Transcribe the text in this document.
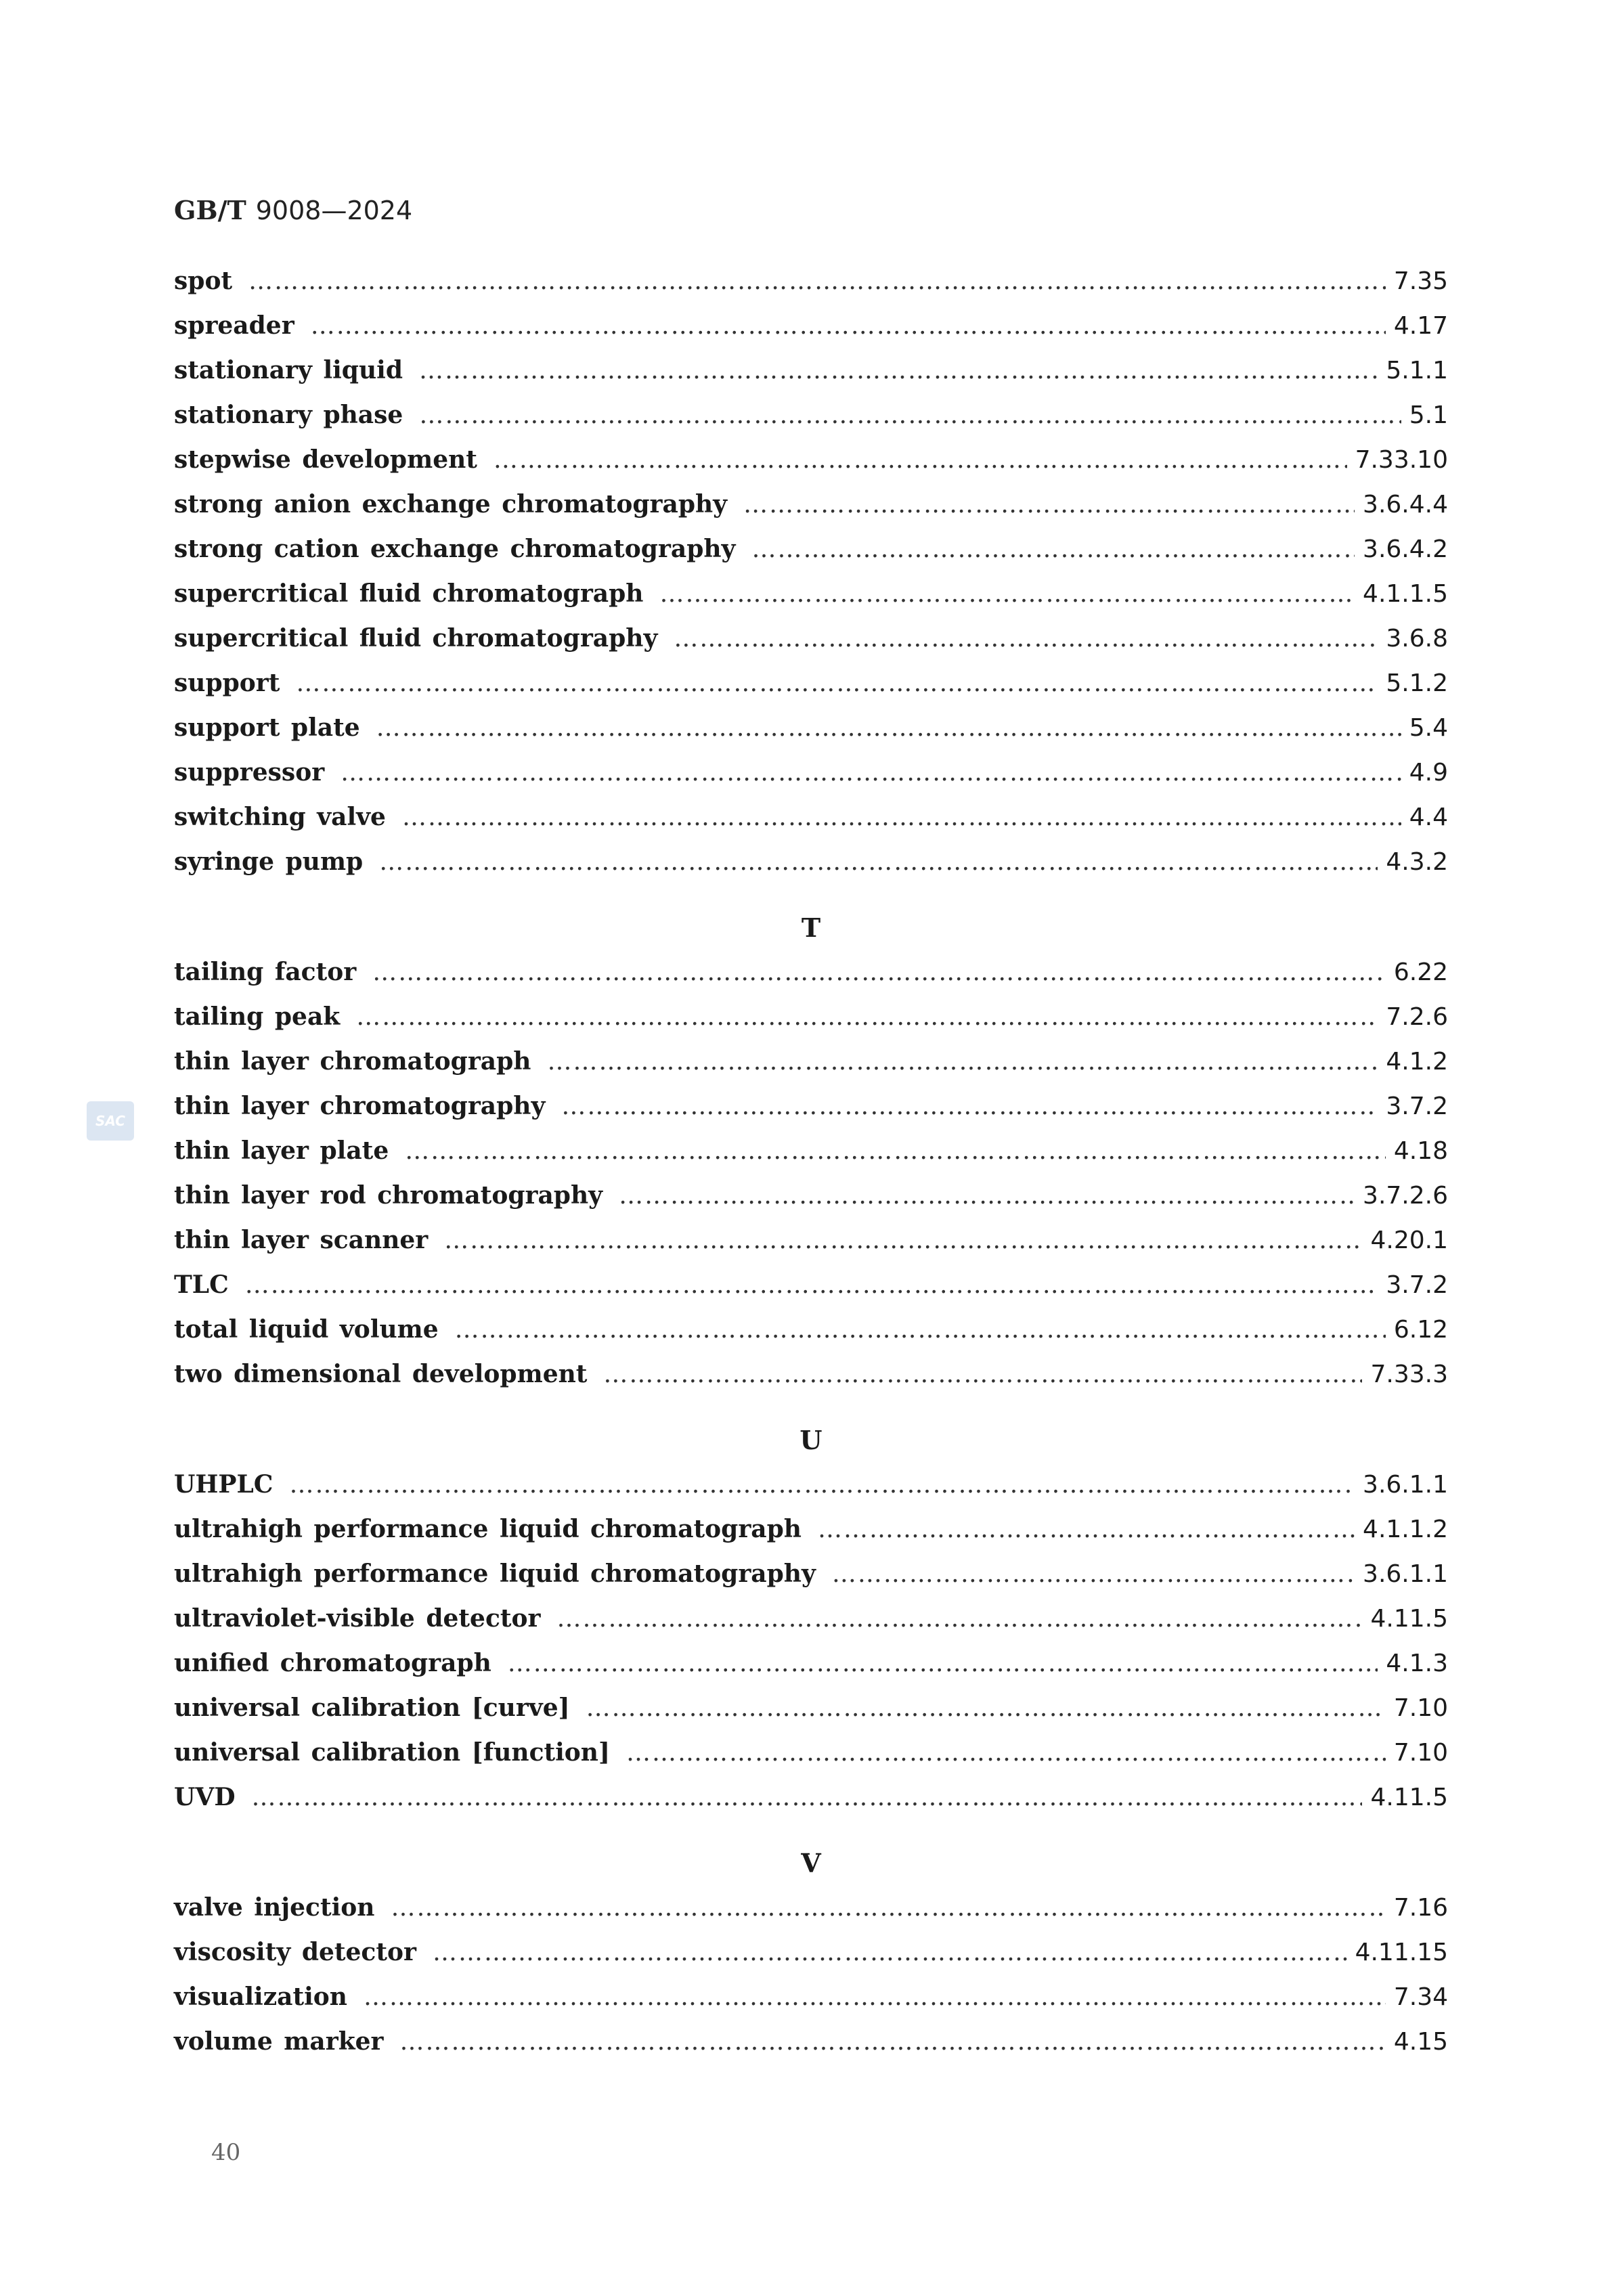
GB/T 9008—2024
SAC
spot ………………………………………………………………………………………………………………………………………………………………………………………………………………………………………………………………	7.35
spreader ………………………………………………………………………………………………………………………………………………………………………………………………………………………………………………………………	4.17
stationary liquid ………………………………………………………………………………………………………………………………………………………………………………………………………………………………………………………………	5.1.1
stationary phase ………………………………………………………………………………………………………………………………………………………………………………………………………………………………………………………………	5.1
stepwise development ………………………………………………………………………………………………………………………………………………………………………………………………………………………………………………………………	7.33.10
strong anion exchange chromatography ………………………………………………………………………………………………………………………………………………………………………………………………………………………………………………………………	3.6.4.4
strong cation exchange chromatography ………………………………………………………………………………………………………………………………………………………………………………………………………………………………………………………………	3.6.4.2
supercritical fluid chromatograph ………………………………………………………………………………………………………………………………………………………………………………………………………………………………………………………………	4.1.1.5
supercritical fluid chromatography ………………………………………………………………………………………………………………………………………………………………………………………………………………………………………………………………	3.6.8
support ………………………………………………………………………………………………………………………………………………………………………………………………………………………………………………………………	5.1.2
support plate ………………………………………………………………………………………………………………………………………………………………………………………………………………………………………………………………	5.4
suppressor ………………………………………………………………………………………………………………………………………………………………………………………………………………………………………………………………	4.9
switching valve ………………………………………………………………………………………………………………………………………………………………………………………………………………………………………………………………	4.4
syringe pump ………………………………………………………………………………………………………………………………………………………………………………………………………………………………………………………………	4.3.2
T
tailing factor ………………………………………………………………………………………………………………………………………………………………………………………………………………………………………………………………	6.22
tailing peak ………………………………………………………………………………………………………………………………………………………………………………………………………………………………………………………………	7.2.6
thin layer chromatograph ………………………………………………………………………………………………………………………………………………………………………………………………………………………………………………………………	4.1.2
thin layer chromatography ………………………………………………………………………………………………………………………………………………………………………………………………………………………………………………………………	3.7.2
thin layer plate ………………………………………………………………………………………………………………………………………………………………………………………………………………………………………………………………	4.18
thin layer rod chromatography ………………………………………………………………………………………………………………………………………………………………………………………………………………………………………………………………	3.7.2.6
thin layer scanner ………………………………………………………………………………………………………………………………………………………………………………………………………………………………………………………………	4.20.1
TLC ………………………………………………………………………………………………………………………………………………………………………………………………………………………………………………………………	3.7.2
total liquid volume ………………………………………………………………………………………………………………………………………………………………………………………………………………………………………………………………	6.12
two dimensional development ………………………………………………………………………………………………………………………………………………………………………………………………………………………………………………………………	7.33.3
U
UHPLC ………………………………………………………………………………………………………………………………………………………………………………………………………………………………………………………………	3.6.1.1
ultrahigh performance liquid chromatograph ………………………………………………………………………………………………………………………………………………………………………………………………………………………………………………………………	4.1.1.2
ultrahigh performance liquid chromatography ………………………………………………………………………………………………………………………………………………………………………………………………………………………………………………………………	3.6.1.1
ultraviolet-visible detector ………………………………………………………………………………………………………………………………………………………………………………………………………………………………………………………………	4.11.5
unified chromatograph ………………………………………………………………………………………………………………………………………………………………………………………………………………………………………………………………	4.1.3
universal calibration [curve] ………………………………………………………………………………………………………………………………………………………………………………………………………………………………………………………………	7.10
universal calibration [function] ………………………………………………………………………………………………………………………………………………………………………………………………………………………………………………………………	7.10
UVD ………………………………………………………………………………………………………………………………………………………………………………………………………………………………………………………………	4.11.5
V
valve injection ………………………………………………………………………………………………………………………………………………………………………………………………………………………………………………………………	7.16
viscosity detector ………………………………………………………………………………………………………………………………………………………………………………………………………………………………………………………………	4.11.15
visualization ………………………………………………………………………………………………………………………………………………………………………………………………………………………………………………………………	7.34
volume marker ………………………………………………………………………………………………………………………………………………………………………………………………………………………………………………………………	4.15
40
